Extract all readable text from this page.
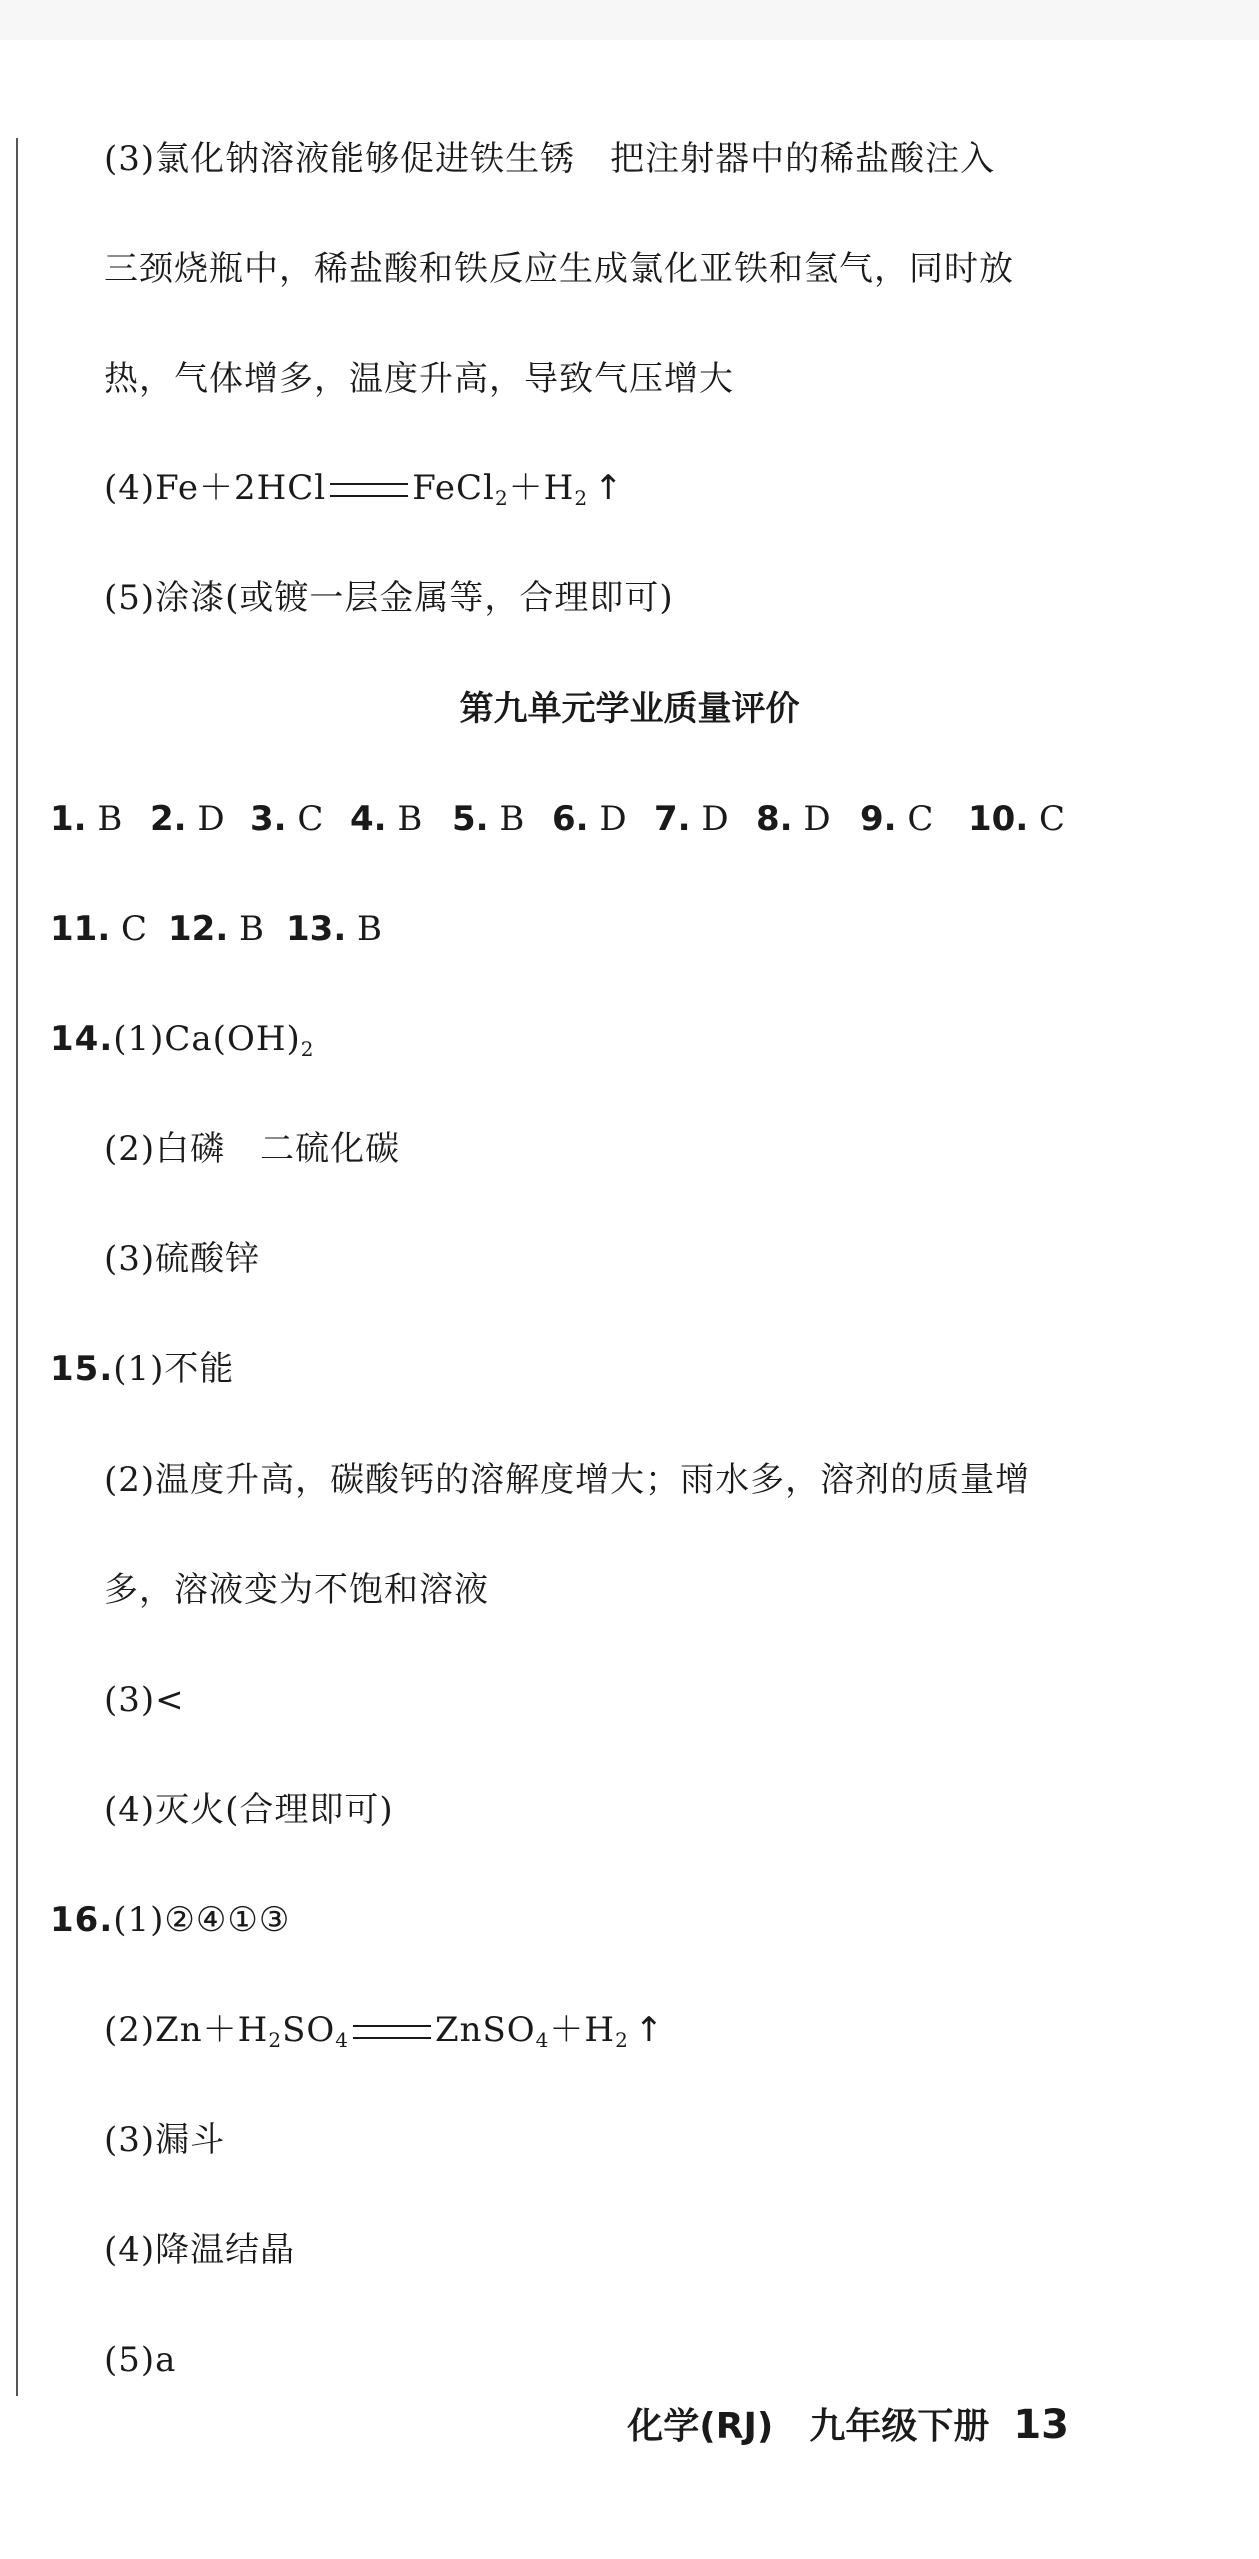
(3)氯化钠溶液能够促进铁生锈　把注射器中的稀盐酸注入
三颈烧瓶中，稀盐酸和铁反应生成氯化亚铁和氢气，同时放
热，气体增多，温度升高，导致气压增大
(4)Fe＋2HCl	$FeCl_2+H_2$ ↑
(5)涂漆(或镀一层金属等，合理即可)
第九单元学业质量评价
1. B 2. D 3. C 4. B 5. B 6. D 7. D 8. D 9. C 10. C
11. C 12. B 13. B
$14.(1)Ca(OH)_2$
(2)白磷　二硫化碳
(3)硫酸锌
15.(1)不能
(2)温度升高，碳酸钙的溶解度增大；雨水多，溶剂的质量增
多，溶液变为不饱和溶液
(3)<
(4)灭火(合理即可)
16.(1)②④①③
$(2)Zn+H_2SO_4$	$ZnSO_4+H_2$ ↑
(3)漏斗
(4)降温结晶
(5)a
化学(RJ)　九年级下册 13
